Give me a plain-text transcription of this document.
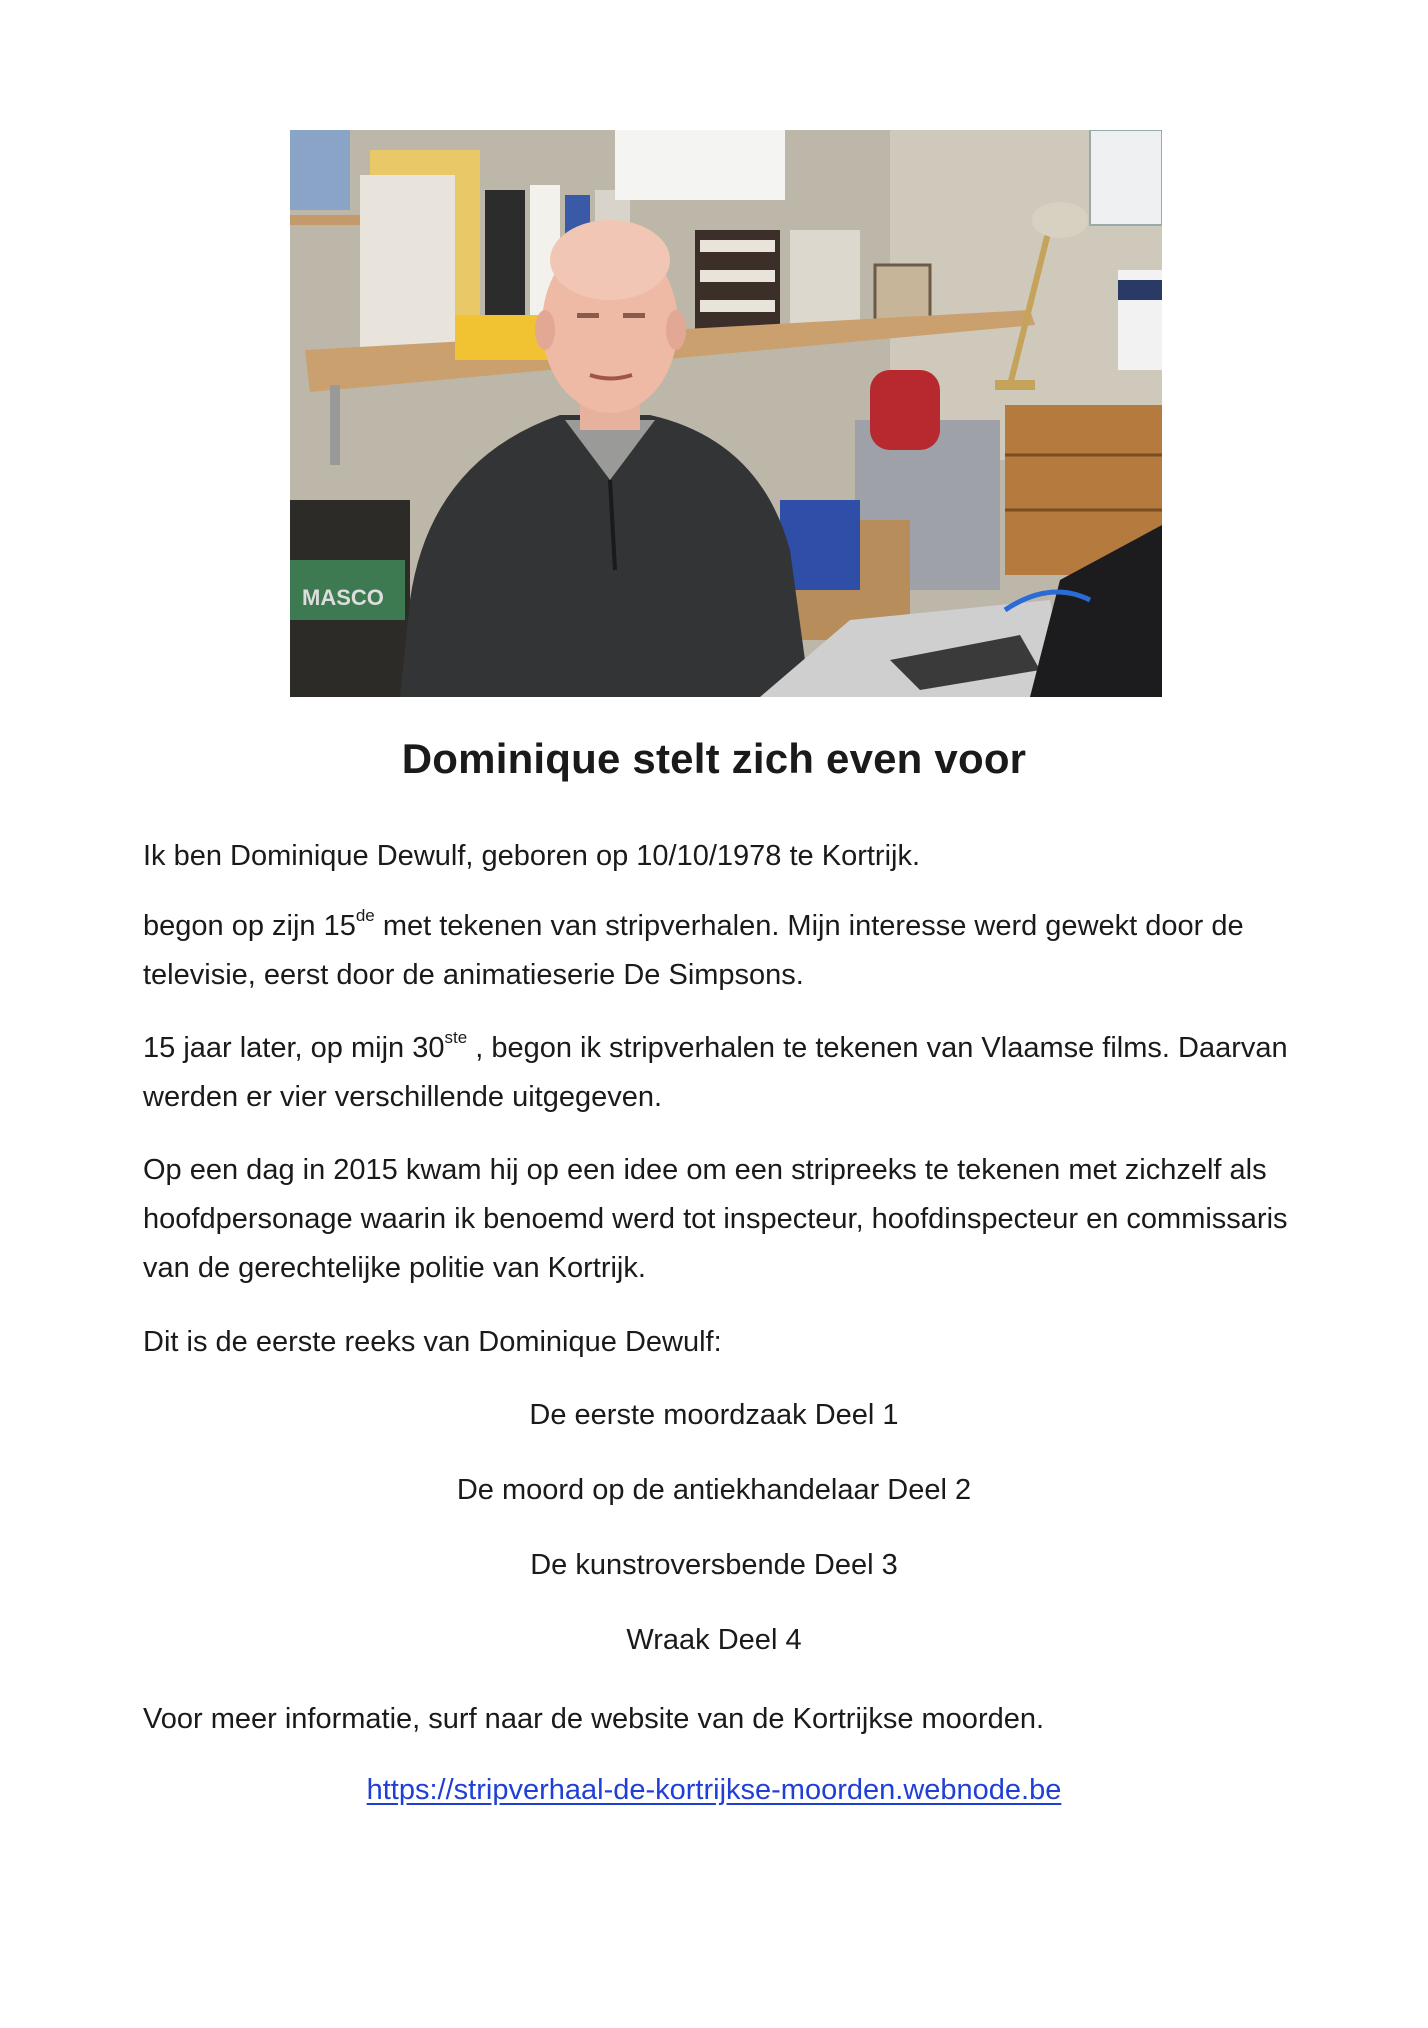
MASCO
Dominique stelt zich even voor

Ik ben Dominique Dewulf, geboren op 10/10/1978 te Kortrijk.

begon op zijn 15de met tekenen van stripverhalen. Mijn interesse werd gewekt door de televisie, eerst door de animatieserie De Simpsons.

15 jaar later, op mijn 30ste , begon ik stripverhalen te tekenen van Vlaamse films. Daarvan werden er vier verschillende uitgegeven.

Op een dag in 2015 kwam hij op een idee om een stripreeks te tekenen met zichzelf als hoofdpersonage waarin ik benoemd werd tot inspecteur, hoofdinspecteur en commissaris van de gerechtelijke politie van Kortrijk.

Dit is de eerste reeks van Dominique Dewulf:

De eerste moordzaak Deel 1

De moord op de antiekhandelaar Deel 2

De kunstroversbende Deel 3

Wraak Deel 4

Voor meer informatie, surf naar de website van de Kortrijkse moorden.

https://stripverhaal-de-kortrijkse-moorden.webnode.be
